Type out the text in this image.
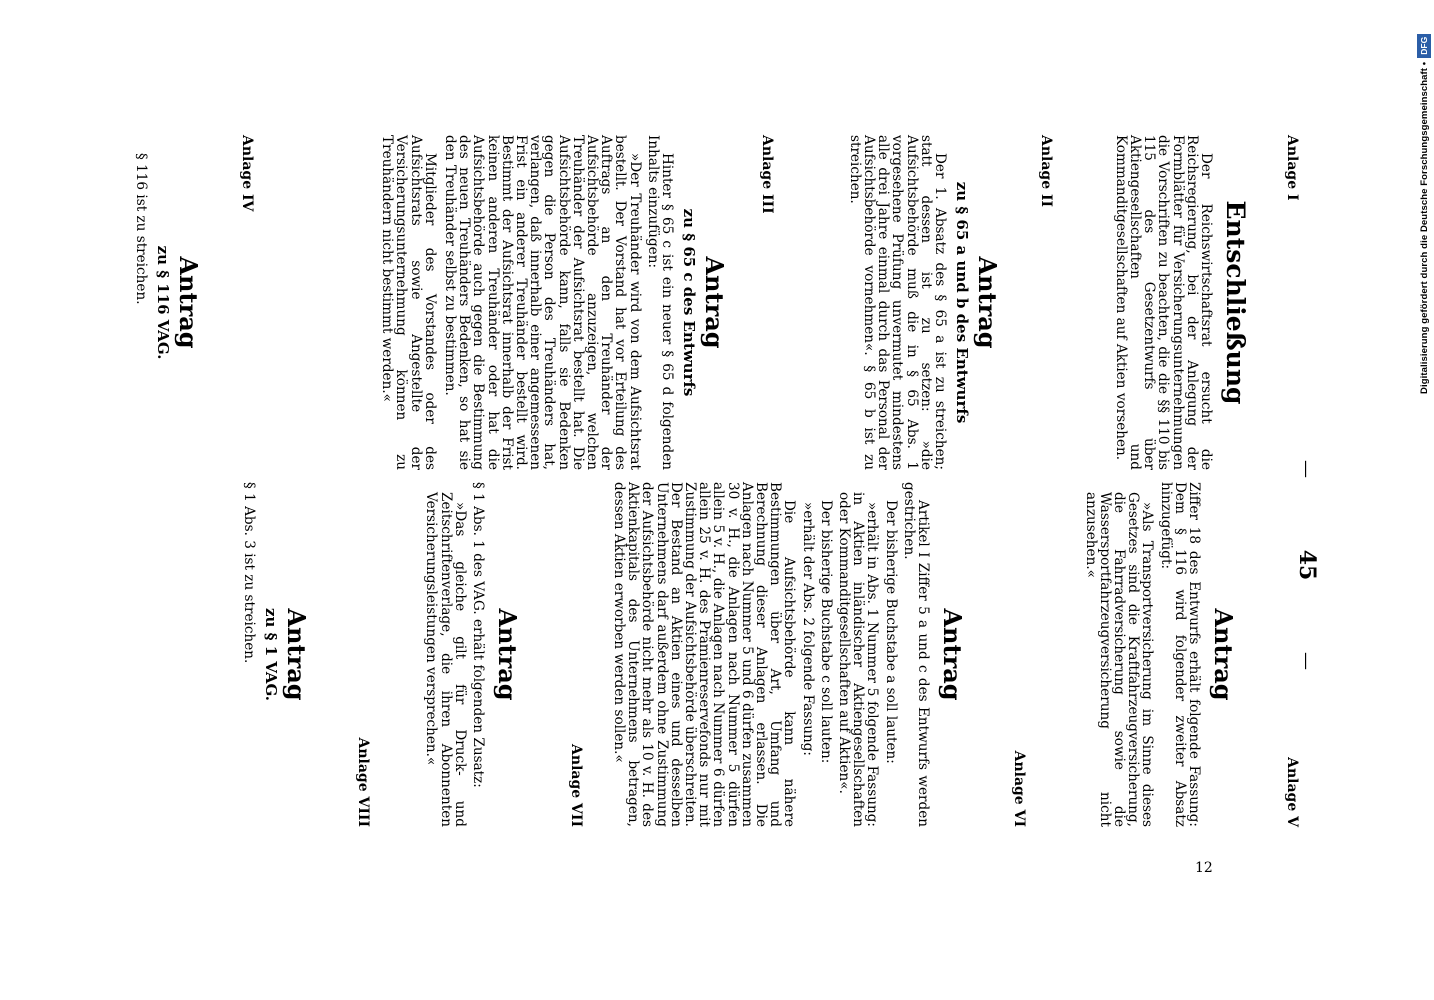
—
45
—
Anlage I
Entschließung
Der Reichswirtschaftsrat ersucht die Reichsregierung, bei der Anlegung der Formblätter für Versicherungsunternehmungen die Vorschriften zu beachten, die die §§ 110 bis 115 des Gesetzentwurfs über Aktiengesellschaften und Kommanditgesellschaften auf Aktien vorsehen.
Anlage II
Antrag
zu § 65 a und b des Entwurfs
Der 1. Absatz des § 65 a ist zu streichen; statt dessen ist zu setzen: »die Aufsichtsbehörde muß die in § 65 Abs. 1 vorgesehene Prüfung unvermutet mindestens alle drei Jahre einmal durch das Personal der Aufsichtsbehörde vornehmen«. § 65 b ist zu streichen.
Anlage III
Antrag
zu § 65 c des Entwurfs
Hinter § 65 c ist ein neuer § 65 d folgenden Inhalts einzufügen:
»Der Treuhänder wird von dem Aufsichtsrat bestellt. Der Vorstand hat vor Erteilung des Auftrags an den Treuhänder der Aufsichtsbehörde anzuzeigen, welchen Treuhänder der Aufsichtsrat bestellt hat. Die Aufsichtsbehörde kann, falls sie Bedenken gegen die Person des Treuhänders hat, verlangen, daß innerhalb einer angemessenen Frist ein anderer Treuhänder bestellt wird. Bestimmt der Aufsichtsrat innerhalb der Frist keinen anderen Treuhänder oder hat die Aufsichtsbehörde auch gegen die Bestimmung des neuen Treuhänders Bedenken, so hat sie den Treuhänder selbst zu bestimmen.
Mitglieder des Vorstandes oder des Aufsichtsrats sowie Angestellte der Versicherungsunternehmung können zu Treuhändern nicht bestimmt werden.«
Anlage IV
Antrag
zu § 116 VAG.
§ 116 ist zu streichen.
Anlage V
Antrag
Ziffer 18 des Entwurfs erhält folgende Fassung: Dem § 116 wird folgender zweiter Absatz hinzugefügt:
»Als Transportversicherung im Sinne dieses Gesetzes sind die Kraftfahrzeugversicherung, die Fahrradversicherung sowie die Wassersportfahrzeugversicherung nicht anzusehen.«
Anlage VI
Antrag
Artikel I Ziffer 5 a und c des Entwurfs werden gestrichen.
Der bisherige Buchstabe a soll lauten:
»erhält in Abs. 1 Nummer 5 folgende Fassung: in Aktien inländischer Aktiengesellschaften oder Kommanditgesellschaften auf Aktien«.
Der bisherige Buchstabe c soll lauten:
»erhält der Abs. 2 folgende Fassung:
Die Aufsichtsbehörde kann nähere Bestimmungen über Art, Umfang und Berechnung dieser Anlagen erlassen. Die Anlagen nach Nummer 5 und 6 dürfen zusammen 30 v. H., die Anlagen nach Nummer 5 dürfen allein 5 v. H., die Anlagen nach Nummer 6 dürfen allein 25 v. H. des Prämienreservefonds nur mit Zustimmung der Aufsichtsbehörde überschreiten. Der Bestand an Aktien eines und desselben Unternehmens darf außerdem ohne Zustimmung der Aufsichtsbehörde nicht mehr als 10 v. H. des Aktienkapitals des Unternehmens betragen, dessen Aktien erworben werden sollen.«
Anlage VII
Antrag
§ 1 Abs. 1 des VAG. erhält folgenden Zusatz:
»Das gleiche gilt für Druck- und Zeitschriftenverlage, die ihren Abonnenten Versicherungsleistungen versprechen.«
Anlage VIII
Antrag
zu § 1 VAG.
§ 1 Abs. 3 ist zu streichen.
12
Digitalisierung gefördert durch die Deutsche Forschungsgemeinschaft •
DFG
